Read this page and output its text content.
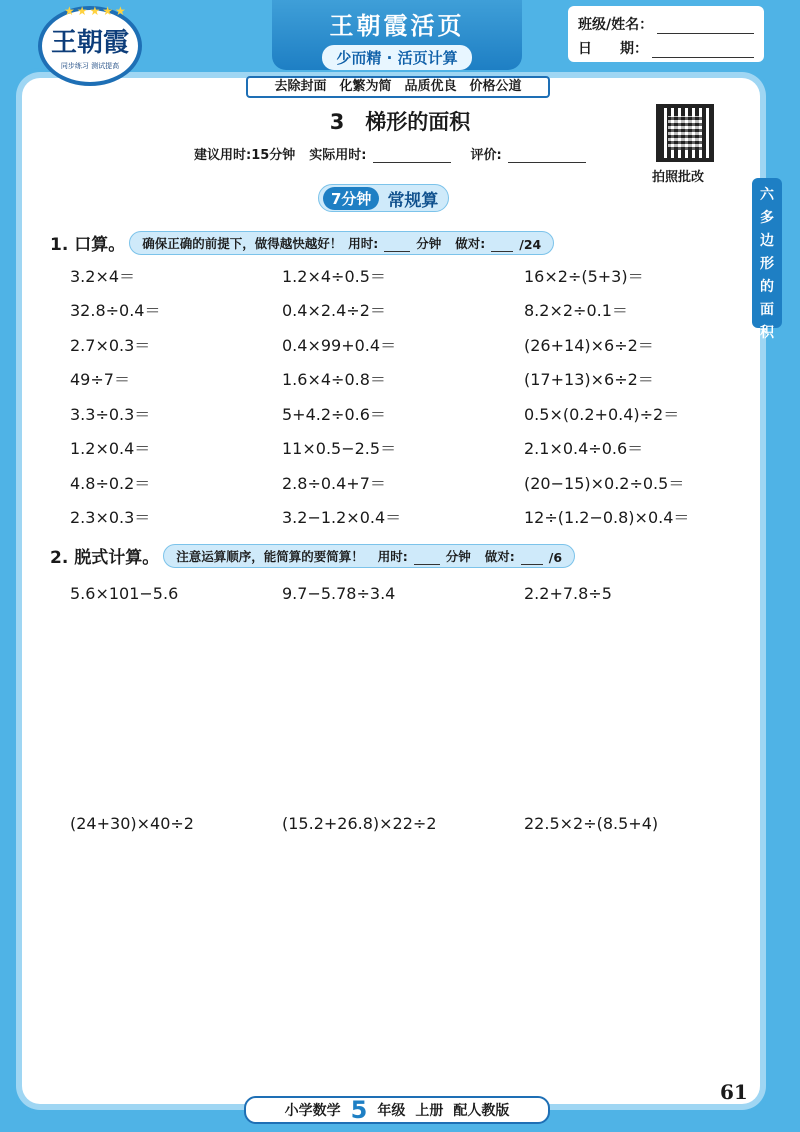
★★★★★
王朝霞
同步练习 测试提高
王朝霞活页
少而精 · 活页计算
班级/姓名：
日　　期：
去除封面　化繁为简　品质优良　价格公道
3　梯形的面积
建议用时:15分钟 实际用时:	评价:
拍照批改
7分钟 常规算	六
多
边
形
的
面
积
1. 口算。 确保正确的前提下，做得越快越好！ 用时:	分钟 做对:	/24
3.2×4＝	1.2×4÷0.5＝	16×2÷(5+3)＝
32.8÷0.4＝	0.4×2.4÷2＝	8.2×2÷0.1＝
2.7×0.3＝	0.4×99+0.4＝	(26+14)×6÷2＝
49÷7＝	1.6×4÷0.8＝	(17+13)×6÷2＝
3.3÷0.3＝	5+4.2÷0.6＝	0.5×(0.2+0.4)÷2＝
1.2×0.4＝	11×0.5−2.5＝	2.1×0.4÷0.6＝
4.8÷0.2＝	2.8÷0.4+7＝	(20−15)×0.2÷0.5＝
2.3×0.3＝	3.2−1.2×0.4＝	12÷(1.2−0.8)×0.4＝
2. 脱式计算。 注意运算顺序，能简算的要简算！ 用时:	分钟 做对:	/6
5.6×101−5.6	9.7−5.78÷3.4	2.2+7.8÷5
(24+30)×40÷2	(15.2+26.8)×22÷2	22.5×2÷(8.5+4)
61
小学数学 5 年级 上册 配人教版
